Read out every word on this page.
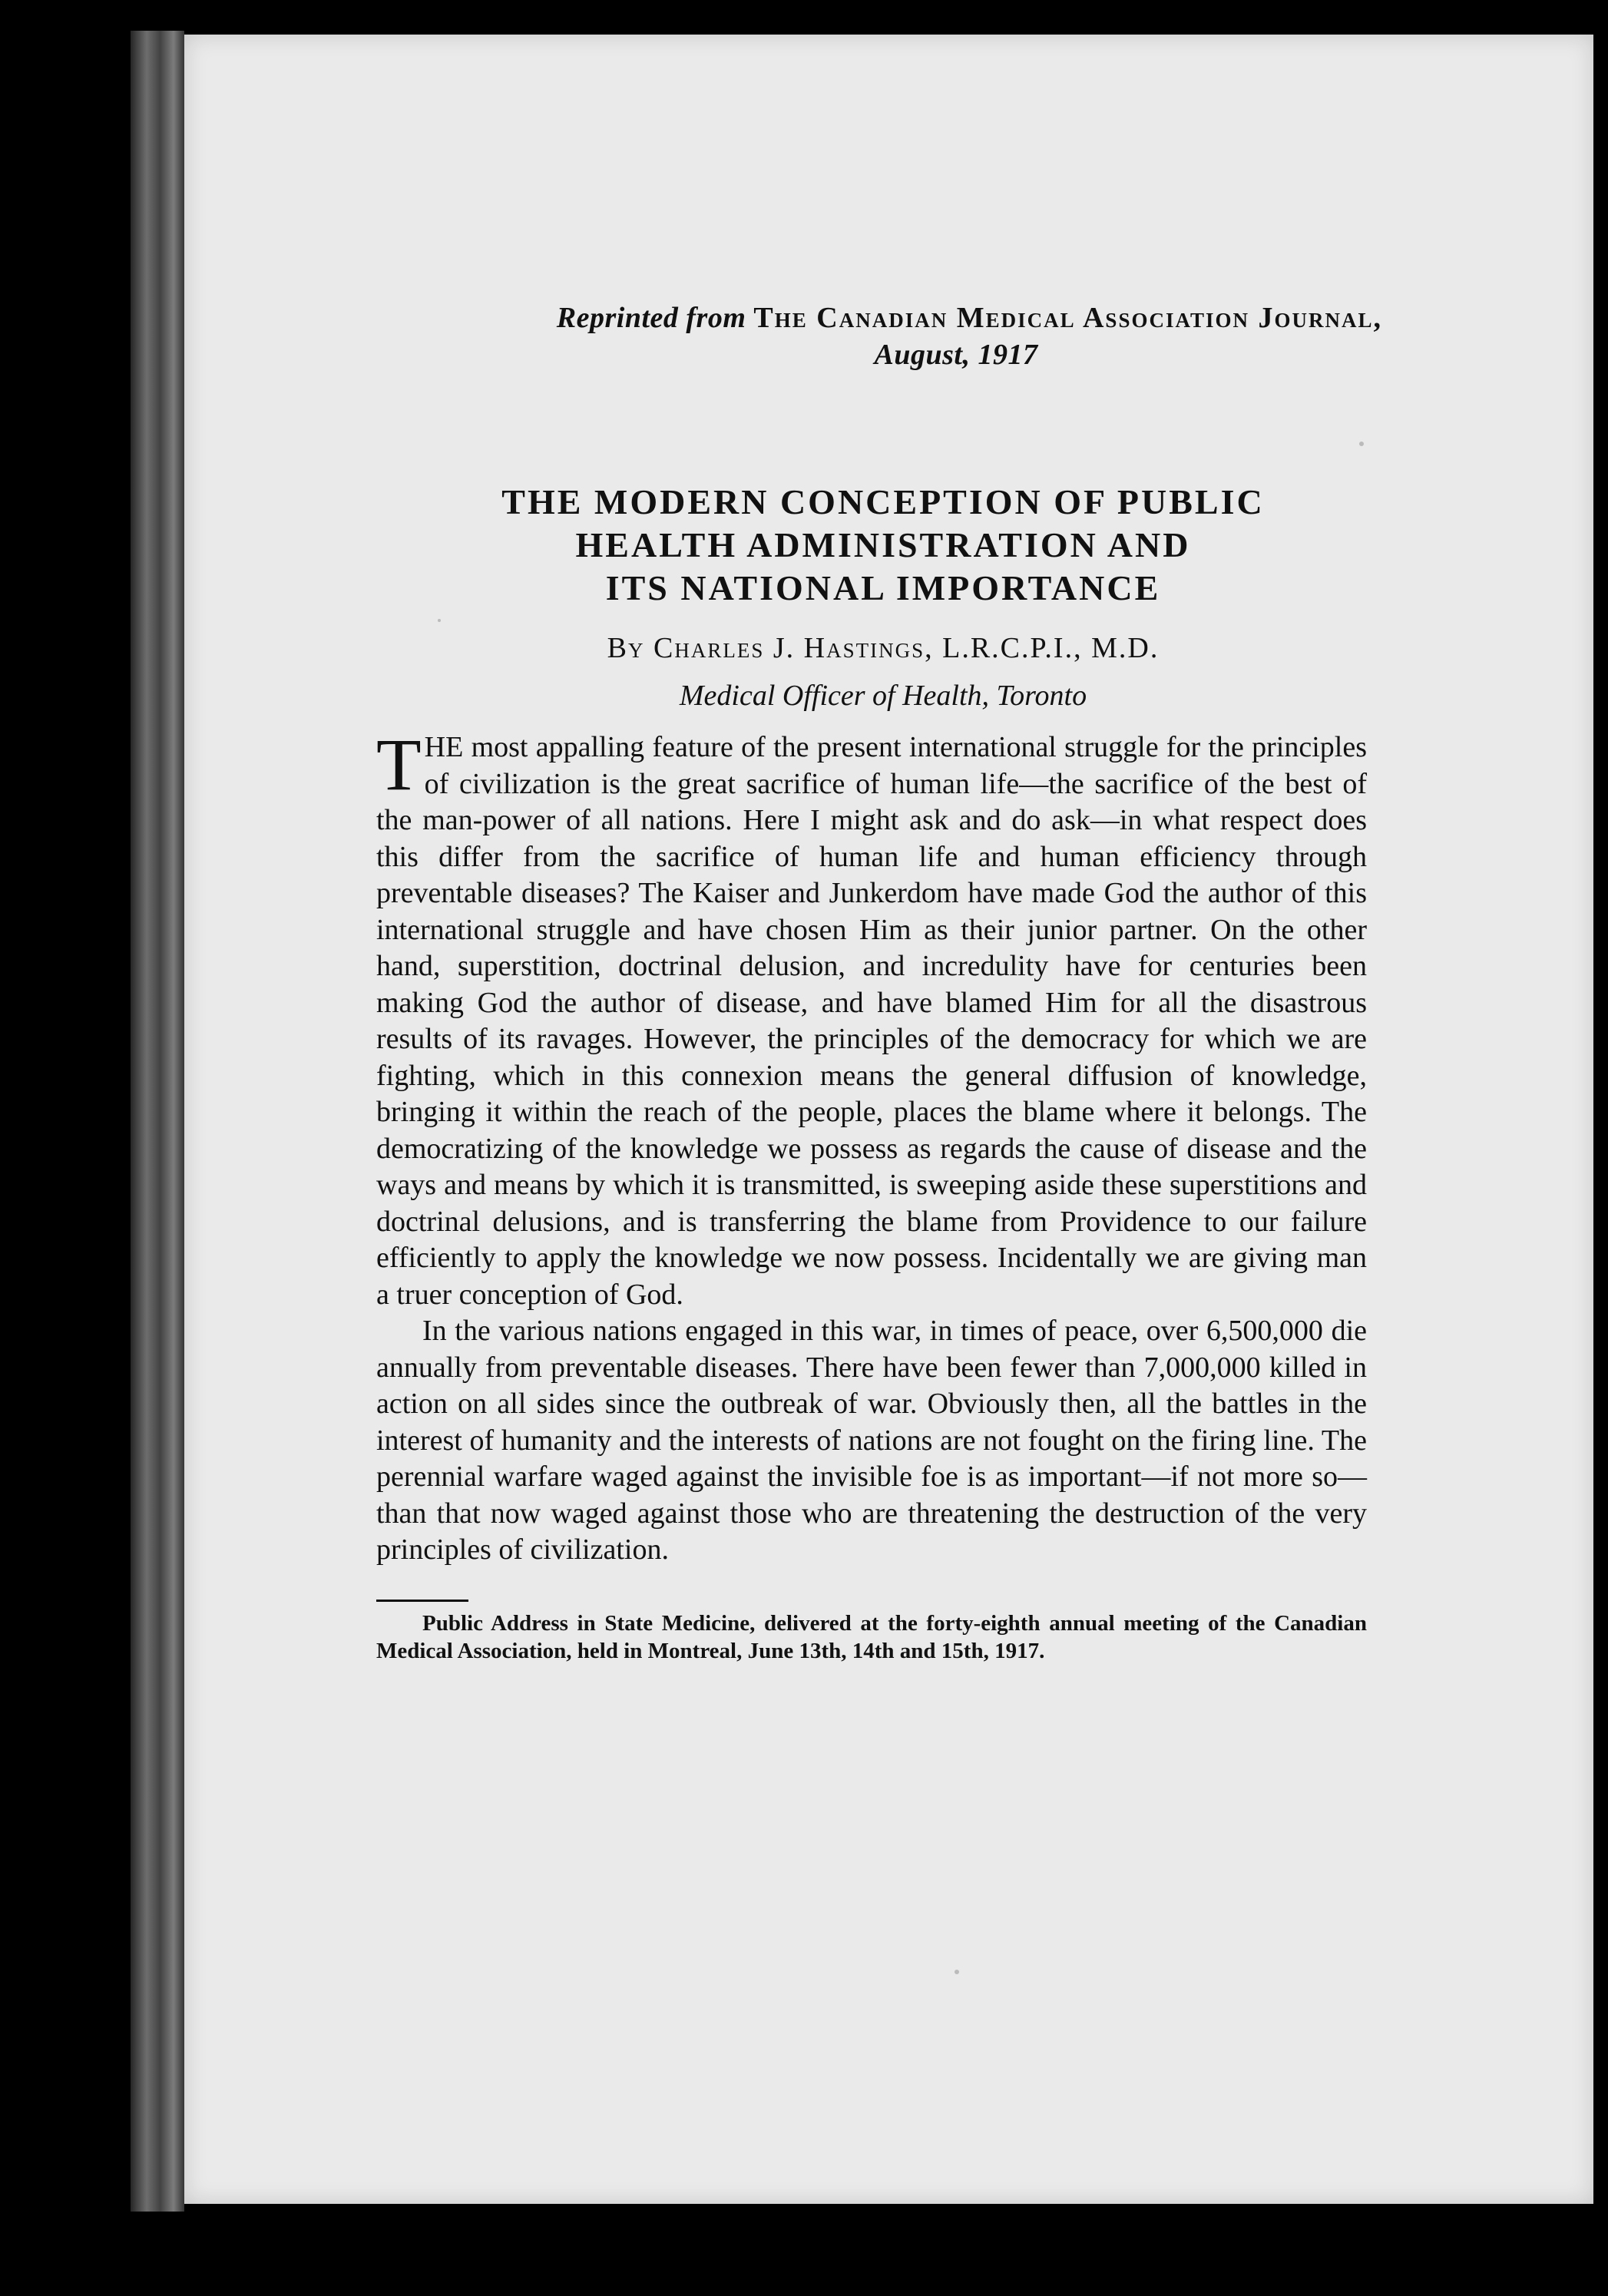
Reprinted from The Canadian Medical Association Journal,
August, 1917
THE MODERN CONCEPTION OF PUBLIC
HEALTH ADMINISTRATION AND
ITS NATIONAL IMPORTANCE
By Charles J. Hastings, L.R.C.P.I., M.D.
Medical Officer of Health, Toronto

THE most appalling feature of the present international struggle for the principles of civilization is the great sacrifice of human life—the sacrifice of the best of the man-power of all nations. Here I might ask and do ask—in what respect does this differ from the sacrifice of human life and human efficiency through preventable diseases? The Kaiser and Junkerdom have made God the author of this international struggle and have chosen Him as their junior partner. On the other hand, superstition, doctrinal delusion, and incredulity have for centuries been making God the author of disease, and have blamed Him for all the disastrous results of its ravages. However, the principles of the democracy for which we are fighting, which in this connexion means the general diffusion of knowledge, bringing it within the reach of the people, places the blame where it belongs. The democratizing of the knowledge we possess as regards the cause of disease and the ways and means by which it is transmitted, is sweeping aside these superstitions and doctrinal delusions, and is transferring the blame from Providence to our failure efficiently to apply the knowledge we now possess. Incidentally we are giving man a truer conception of God.

In the various nations engaged in this war, in times of peace, over 6,500,000 die annually from preventable diseases. There have been fewer than 7,000,000 killed in action on all sides since the outbreak of war. Obviously then, all the battles in the interest of humanity and the interests of nations are not fought on the firing line. The perennial warfare waged against the invisible foe is as important—if not more so—than that now waged against those who are threatening the destruction of the very principles of civilization.

Public Address in State Medicine, delivered at the forty-eighth annual meeting of the Canadian Medical Association, held in Montreal, June 13th, 14th and 15th, 1917.
